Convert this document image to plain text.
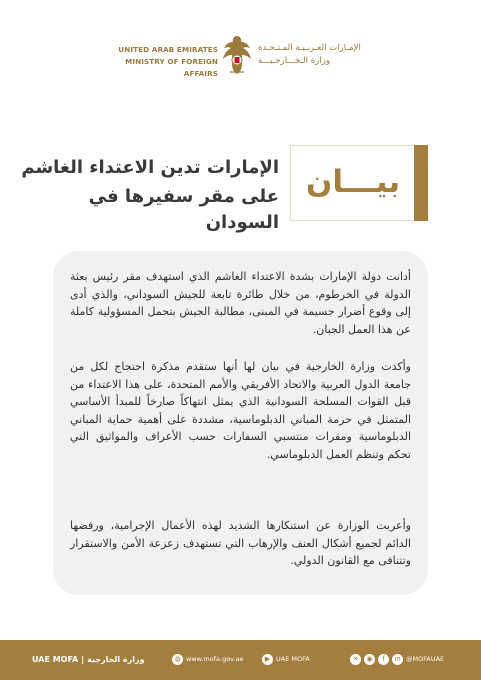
UNITED ARAB EMIRATES
MINISTRY OF FOREIGN AFFAIRS
الإمـارات العـربـيـة المـتـحـدة
وزارة الـخـــارجـيـــة
بيـــان
الإمارات تدين الاعتداء الغاشم
على مقر سفيرها في السودان
أدانت دولة الإمارات بشدة الاعتداء الغاشم الذي استهدف مقر رئيس بعثة الدولة في الخرطوم، من خلال طائرة تابعة للجيش السوداني، والذي أدى إلى وقوع أضرار جسيمة في المبنى، مطالبة الجيش بتحمل المسؤولية كاملة عن هذا العمل الجبان.
وأكدت وزارة الخارجية في بيان لها أنها ستقدم مذكرة احتجاج لكل من جامعة الدول العربية والاتحاد الأفريقي والأمم المتحدة، على هذا الاعتداء من قبل القوات المسلحة السودانية الذي يمثل انتهاكاً صارخاً للمبدأ الأساسي المتمثل في حرمة المباني الدبلوماسية، مشددة على أهمية حماية المباني الدبلوماسية ومقرات منتسبي السفارات حسب الأعراف والمواثيق التي تحكم وتنظم العمل الدبلوماسي.
وأعربت الوزارة عن استنكارها الشديد لهذه الأعمال الإجرامية، ورفضها الدائم لجميع أشكال العنف والإرهاب التي تستهدف زعزعة الأمن والاستقرار وتتنافى مع القانون الدولي.
UAE MOFA | وزارة الخارجية	◍ www.mofa.gov.ae	▶ UAE MOFA	✕	◉	f	in @MOFAUAE
